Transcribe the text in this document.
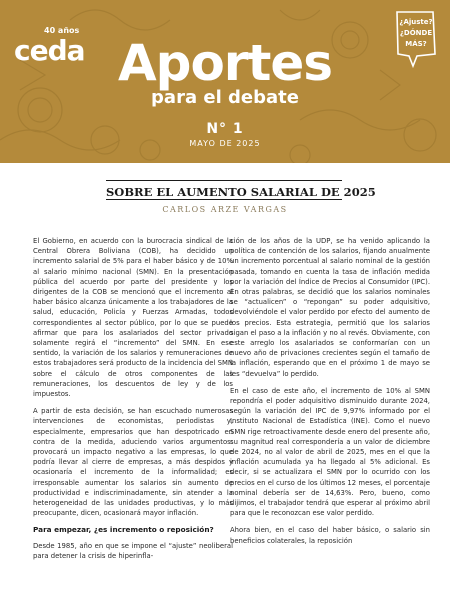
40 años
ceda Aportes
para el debate
N° 1
MAYO DE 2025
¿Ajuste?
¿DÓNDE
MÁS?
SOBRE EL AUMENTO SALARIAL DE 2025
CARLOS ARZE VARGAS

El Gobierno, en acuerdo con la burocracia sindical de la Central Obrera Boliviana (COB), ha decidido un incremento salarial de 5% para el haber básico y de 10% al salario mínimo nacional (SMN). En la presentación pública del acuerdo por parte del presidente y los dirigentes de la COB se mencionó que el incremento al haber básico alcanza únicamente a los trabajadores de la salud, educación, Policía y Fuerzas Armadas, todos correspondientes al sector público, por lo que se puede afirmar que para los asalariados del sector privado solamente regirá el “incremento” del SMN. En ese sentido, la variación de los salarios y remuneraciones de estos trabajadores será producto de la incidencia del SMN sobre el cálculo de otros componentes de las remuneraciones, los descuentos de ley y de los impuestos.

A partir de esta decisión, se han escuchado numerosas intervenciones de economistas, periodistas y, especialmente, empresarios que han despotricado en contra de la medida, aduciendo varios argumentos: provocará un impacto negativo a las empresas, lo que podría llevar al cierre de empresas, a más despidos y ocasionaría el incremento de la informalidad; es irresponsable aumentar los salarios sin aumento de productividad e indiscriminadamente, sin atender a la heterogeneidad de las unidades productivas, y lo más preocupante, dicen, ocasionará mayor inflación.

Para empezar, ¿es incremento o reposición?

Desde 1985, año en que se impone el “ajuste” neoliberal para detener la crisis de hiperinfla-

ción de los años de la UDP, se ha venido aplicando la política de contención de los salarios, fijando anualmente un incremento porcentual al salario nominal de la gestión pasada, tomando en cuenta la tasa de inflación medida por la variación del Índice de Precios al Consumidor (IPC). En otras palabras, se decidió que los salarios nominales se “actualicen” o “repongan” su poder adquisitivo, devolviéndole el valor perdido por efecto del aumento de los precios. Esta estrategia, permitió que los salarios sigan el paso a la inflación y no al revés. Obviamente, con este arreglo los asalariados se conformarían con un nuevo año de privaciones crecientes según el tamaño de la inflación, esperando que en el próximo 1 de mayo se les “devuelva” lo perdido.

En el caso de este año, el incremento de 10% al SMN repondría el poder adquisitivo disminuido durante 2024, según la variación del IPC de 9,97% informado por el Instituto Nacional de Estadística (INE). Como el nuevo SMN rige retroactivamente desde enero del presente año, su magnitud real correspondería a un valor de diciembre de 2024, no al valor de abril de 2025, mes en el que la inflación acumulada ya ha llegado al 5% adicional. Es decir, si se actualizara el SMN por lo ocurrido con los precios en el curso de los últimos 12 meses, el porcentaje nominal debería ser de 14,63%. Pero, bueno, como dijimos, el trabajador tendrá que esperar al próximo abril para que le reconozcan ese valor perdido.

Ahora bien, en el caso del haber básico, o salario sin beneficios colaterales, la reposición
